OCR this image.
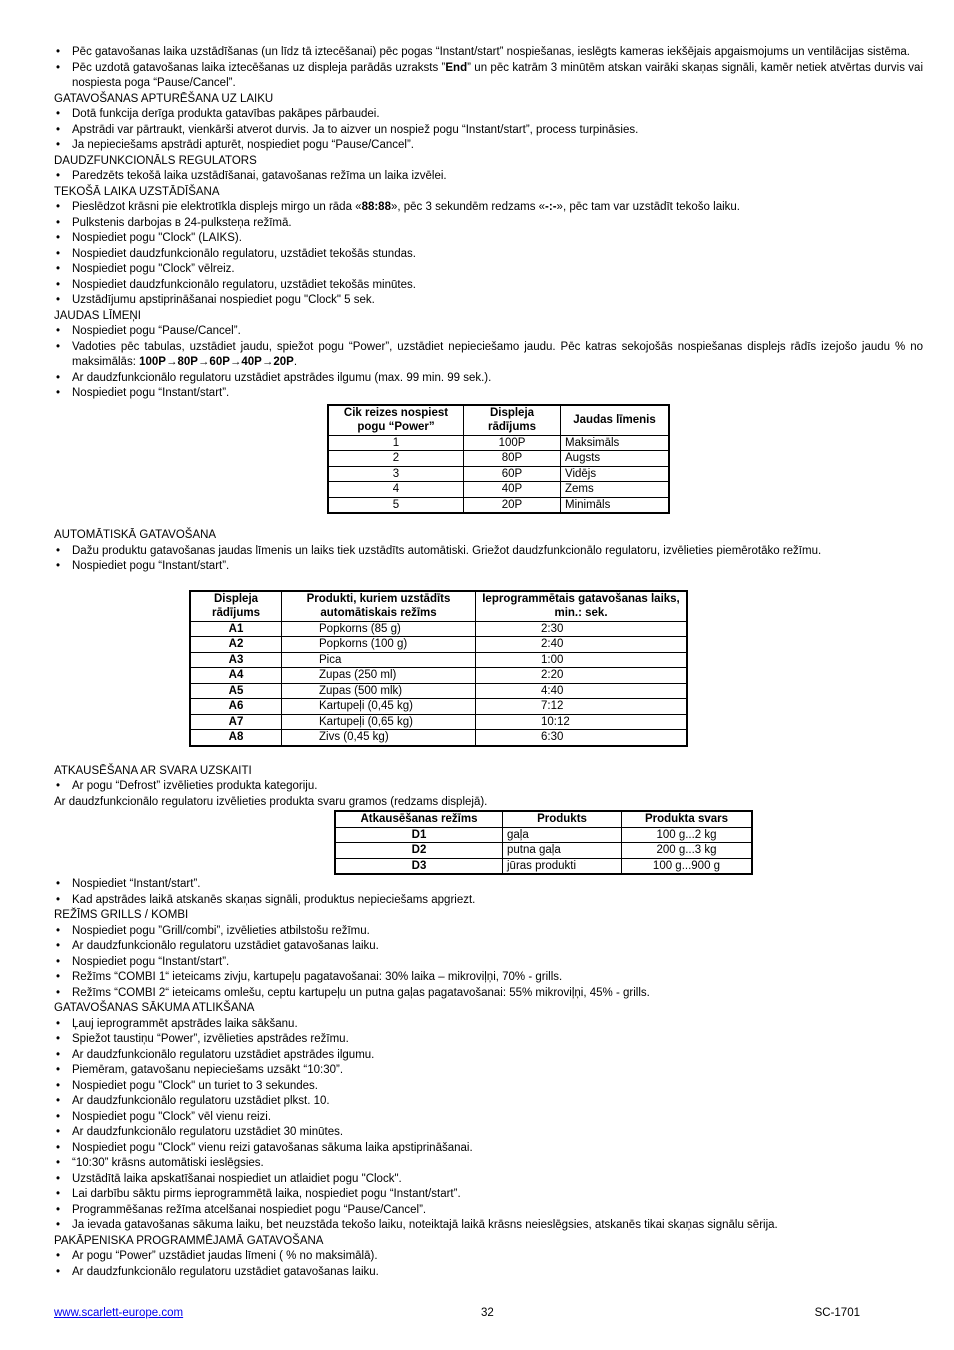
• Pēc gatavošanas laika uzstādīšanas (un līdz tā iztecēšanai) pēc pogas “Instant/start” nospiešanas, ieslēgts kameras iekšējais apgaismojums un ventilācijas sistēma.
• Pēc uzdotā gatavošanas laika iztecēšanas uz displeja parādās uzraksts ”End” un pēc katrām 3 minūtēm atskan vairāki skaņas signāli, kamēr netiek atvērtas durvis vai nospiesta poga “Pause/Cancel”.
GATAVOŠANAS APTURĒŠANA UZ LAIKU
• Dotā funkcija derīga produkta gatavības pakāpes pārbaudei.
• Apstrādi var pārtraukt, vienkārši atverot durvis. Ja to aizver un nospiež pogu “Instant/start”, process turpināsies.
• Ja nepieciešams apstrādi apturēt, nospiediet pogu “Pause/Cancel”.
DAUDZFUNKCIONĀLS REGULATORS
• Paredzēts tekošā laika uzstādīšanai, gatavošanas režīma un laika izvēlei.
TEKOŠĀ LAIKA UZSTĀDĪŠANA
• Pieslēdzot krāsni pie elektrotīkla displejs mirgo un rāda «88:88», pēc 3 sekundēm redzams «-:-», pēc tam var uzstādīt tekošo laiku.
• Pulkstenis darbojas в 24-pulksteņa režīmā.
• Nospiediet pogu "Clock" (LAIKS).
• Nospiediet daudzfunkcionālo regulatoru, uzstādiet tekošās stundas.
• Nospiediet pogu "Clock” vēlreiz.
• Nospiediet daudzfunkcionālo regulatoru, uzstādiet tekošās minūtes.
• Uzstādījumu apstiprināšanai nospiediet pogu "Clock" 5 sek.
JAUDAS LĪMEŅI
• Nospiediet pogu “Pause/Cancel”.
• Vadoties pēc tabulas, uzstādiet jaudu, spiežot pogu “Power”, uzstādiet nepieciešamo jaudu. Pēc katras sekojošās nospiešanas displejs rādīs izejošo jaudu % no maksimālās: 100P→80P→60P→40P→20P.
• Ar daudzfunkcionālo regulatoru uzstādiet apstrādes ilgumu (max. 99 min. 99 sek.).
• Nospiediet pogu “Instant/start”.
Cik reizes nospiest pogu “Power”	Displeja rādījums	Jaudas līmenis
1	100P	Maksimāls
2	80P	Augsts
3	60P	Vidējs
4	40P	Zems
5	20P	Minimāls
AUTOMĀTISKĀ GATAVOŠANA
• Dažu produktu gatavošanas jaudas līmenis un laiks tiek uzstādīts automātiski. Griežot daudzfunkcionālo regulatoru, izvēlieties piemērotāko režīmu.
• Nospiediet pogu “Instant/start”.
Displeja rādījums	Produkti, kuriem uzstādīts automātiskais režīms	Ieprogrammētais gatavošanas laiks, min.: sek.
A1	Popkorns (85 g)	2:30
A2	Popkorns (100 g)	2:40
A3	Pica	1:00
A4	Zupas (250 ml)	2:20
A5	Zupas (500 mlk)	4:40
A6	Kartupeļi (0,45 kg)	7:12
A7	Kartupeļi (0,65 kg)	10:12
A8	Zivs (0,45 kg)	6:30
ATKAUSĒŠANA AR SVARA UZSKAITI
• Ar pogu “Defrost” izvēlieties produkta kategoriju.
Ar daudzfunkcionālo regulatoru izvēlieties produkta svaru gramos (redzams displejā).
Atkausēšanas režīms	Produkts	Produkta svars
D1	gaļa	100 g...2 kg
D2	putna gaļa	200 g...3 kg
D3	jūras produkti	100 g...900 g
• Nospiediet “Instant/start”.
• Kad apstrādes laikā atskanēs skaņas signāli, produktus nepieciešams apgriezt.
REŽĪMS GRILLS / KOMBI
• Nospiediet pogu ”Grill/combi”, izvēlieties atbilstošu režīmu.
• Ar daudzfunkcionālo regulatoru uzstādiet gatavošanas laiku.
• Nospiediet pogu “Instant/start”.
• Režīms “COMBI 1“ ieteicams zivju, kartupeļu pagatavošanai: 30% laika – mikroviļņi, 70% - grills.
• Režīms “COMBI 2“ ieteicams omlešu, ceptu kartupeļu un putna gaļas pagatavošanai: 55% mikroviļņi, 45% - grills.
GATAVOŠANAS SĀKUMA ATLIKŠANA
• Ļauj ieprogrammēt apstrādes laika sākšanu.
• Spiežot taustiņu “Power”, izvēlieties apstrādes režīmu.
• Ar daudzfunkcionālo regulatoru uzstādiet apstrādes ilgumu.
• Piemēram, gatavošanu nepieciešams uzsākt “10:30”.
• Nospiediet pogu "Clock" un turiet to 3 sekundes.
• Ar daudzfunkcionālo regulatoru uzstādiet plkst. 10.
• Nospiediet pogu "Clock” vēl vienu reizi.
• Ar daudzfunkcionālo regulatoru uzstādiet 30 minūtes.
• Nospiediet pogu "Clock" vienu reizi gatavošanas sākuma laika apstiprināšanai.
• “10:30” krāsns automātiski ieslēgsies.
• Uzstādītā laika apskatīšanai nospiediet un atlaidiet pogu "Clock".
• Lai darbību sāktu pirms ieprogrammētā laika, nospiediet pogu “Instant/start”.
• Programmēšanas režīma atcelšanai nospiediet pogu “Pause/Cancel”.
• Ja ievada gatavošanas sākuma laiku, bet neuzstāda tekošo laiku, noteiktajā laikā krāsns neieslēgsies, atskanēs tikai skaņas signālu sērija.
PAKĀPENISKA PROGRAMMĒJAMĀ GATAVOŠANA
• Ar pogu “Power” uzstādiet jaudas līmeni ( % no maksimālā).
• Ar daudzfunkcionālo regulatoru uzstādiet gatavošanas laiku.
www.scarlett-europe.com	32	SC-1701
